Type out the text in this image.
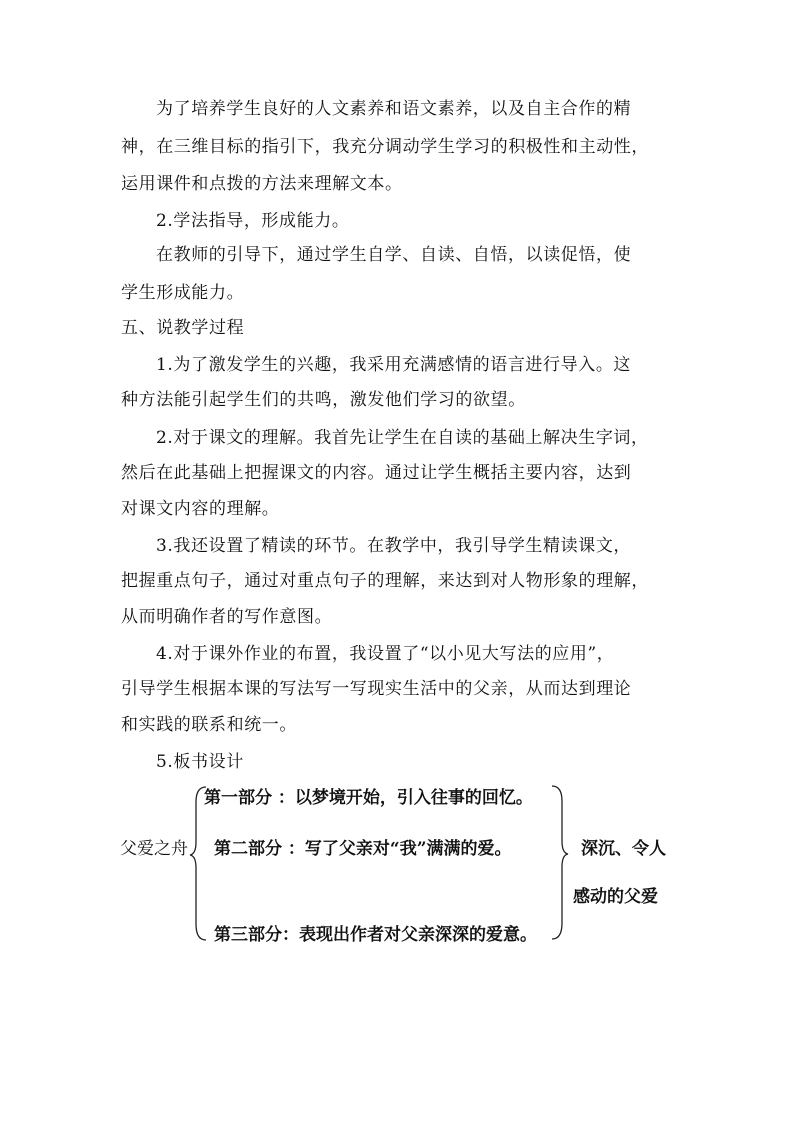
为了培养学生良好的人文素养和语文素养，以及自主合作的精
神，在三维目标的指引下，我充分调动学生学习的积极性和主动性，
运用课件和点拨的方法来理解文本。
2.学法指导，形成能力。
在教师的引导下，通过学生自学、自读、自悟，以读促悟，使
学生形成能力。
五、说教学过程
1.为了激发学生的兴趣，我采用充满感情的语言进行导入。这
种方法能引起学生们的共鸣，激发他们学习的欲望。
2.对于课文的理解。我首先让学生在自读的基础上解决生字词，
然后在此基础上把握课文的内容。通过让学生概括主要内容，达到
对课文内容的理解。
3.我还设置了精读的环节。在教学中，我引导学生精读课文，
把握重点句子，通过对重点句子的理解，来达到对人物形象的理解，
从而明确作者的写作意图。
4.对于课外作业的布置，我设置了“以小见大写法的应用”，
引导学生根据本课的写法写一写现实生活中的父亲，从而达到理论
和实践的联系和统一。
5.板书设计
父爱之舟
第一部分 ：以梦境开始，引入往事的回忆。
第二部分 ：写了父亲对“我”满满的爱。
第三部分：表现出作者对父亲深深的爱意。
深沉、令人
感动的父爱
